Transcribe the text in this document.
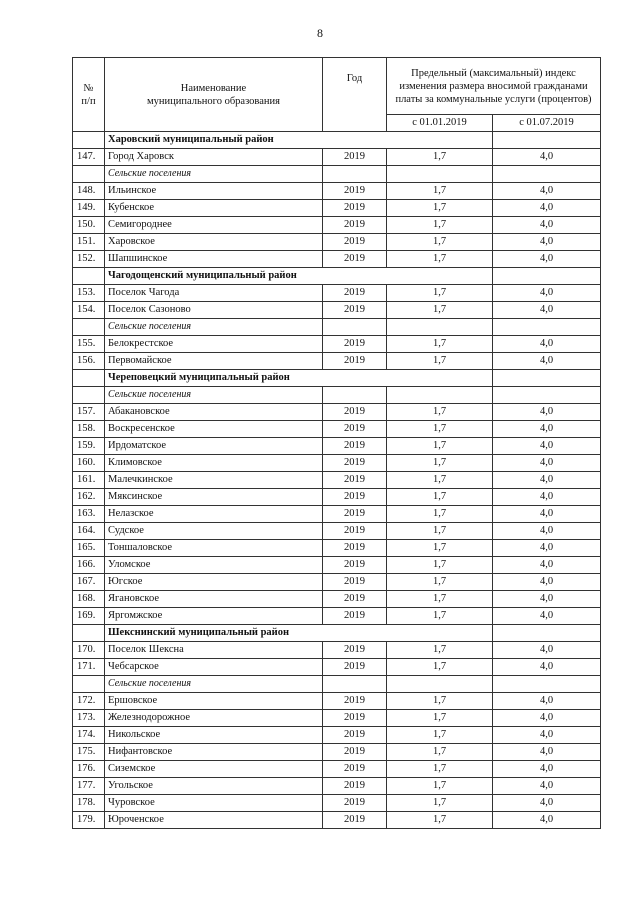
8
№
п/п	Наименование
муниципального образования	Год	Предельный (максимальный) индекс изменения размера вносимой гражданами платы за коммунальные услуги (процентов)	
			с 01.01.2019	с 01.07.2019
	Харовский муниципальный район			
147.	Город Харовск	2019	1,7	4,0
	Сельские поселения			
148.	Ильинское	2019	1,7	4,0
149.	Кубенское	2019	1,7	4,0
150.	Семигороднее	2019	1,7	4,0
151.	Харовское	2019	1,7	4,0
152.	Шапшинское	2019	1,7	4,0
	Чагодощенский муниципальный район			
153.	Поселок Чагода	2019	1,7	4,0
154.	Поселок Сазоново	2019	1,7	4,0
	Сельские поселения			
155.	Белокрестское	2019	1,7	4,0
156.	Первомайское	2019	1,7	4,0
	Череповецкий муниципальный район			
	Сельские поселения			
157.	Абакановское	2019	1,7	4,0
158.	Воскресенское	2019	1,7	4,0
159.	Ирдоматское	2019	1,7	4,0
160.	Климовское	2019	1,7	4,0
161.	Малечкинское	2019	1,7	4,0
162.	Мяксинское	2019	1,7	4,0
163.	Нелазское	2019	1,7	4,0
164.	Судское	2019	1,7	4,0
165.	Тоншаловское	2019	1,7	4,0
166.	Уломское	2019	1,7	4,0
167.	Югское	2019	1,7	4,0
168.	Ягановское	2019	1,7	4,0
169.	Яргомжское	2019	1,7	4,0
	Шекснинский муниципальный район			
170.	Поселок Шексна	2019	1,7	4,0
171.	Чебсарское	2019	1,7	4,0
	Сельские поселения			
172.	Ершовское	2019	1,7	4,0
173.	Железнодорожное	2019	1,7	4,0
174.	Никольское	2019	1,7	4,0
175.	Нифантовское	2019	1,7	4,0
176.	Сиземское	2019	1,7	4,0
177.	Угольское	2019	1,7	4,0
178.	Чуровское	2019	1,7	4,0
179.	Юроченское	2019	1,7	4,0
